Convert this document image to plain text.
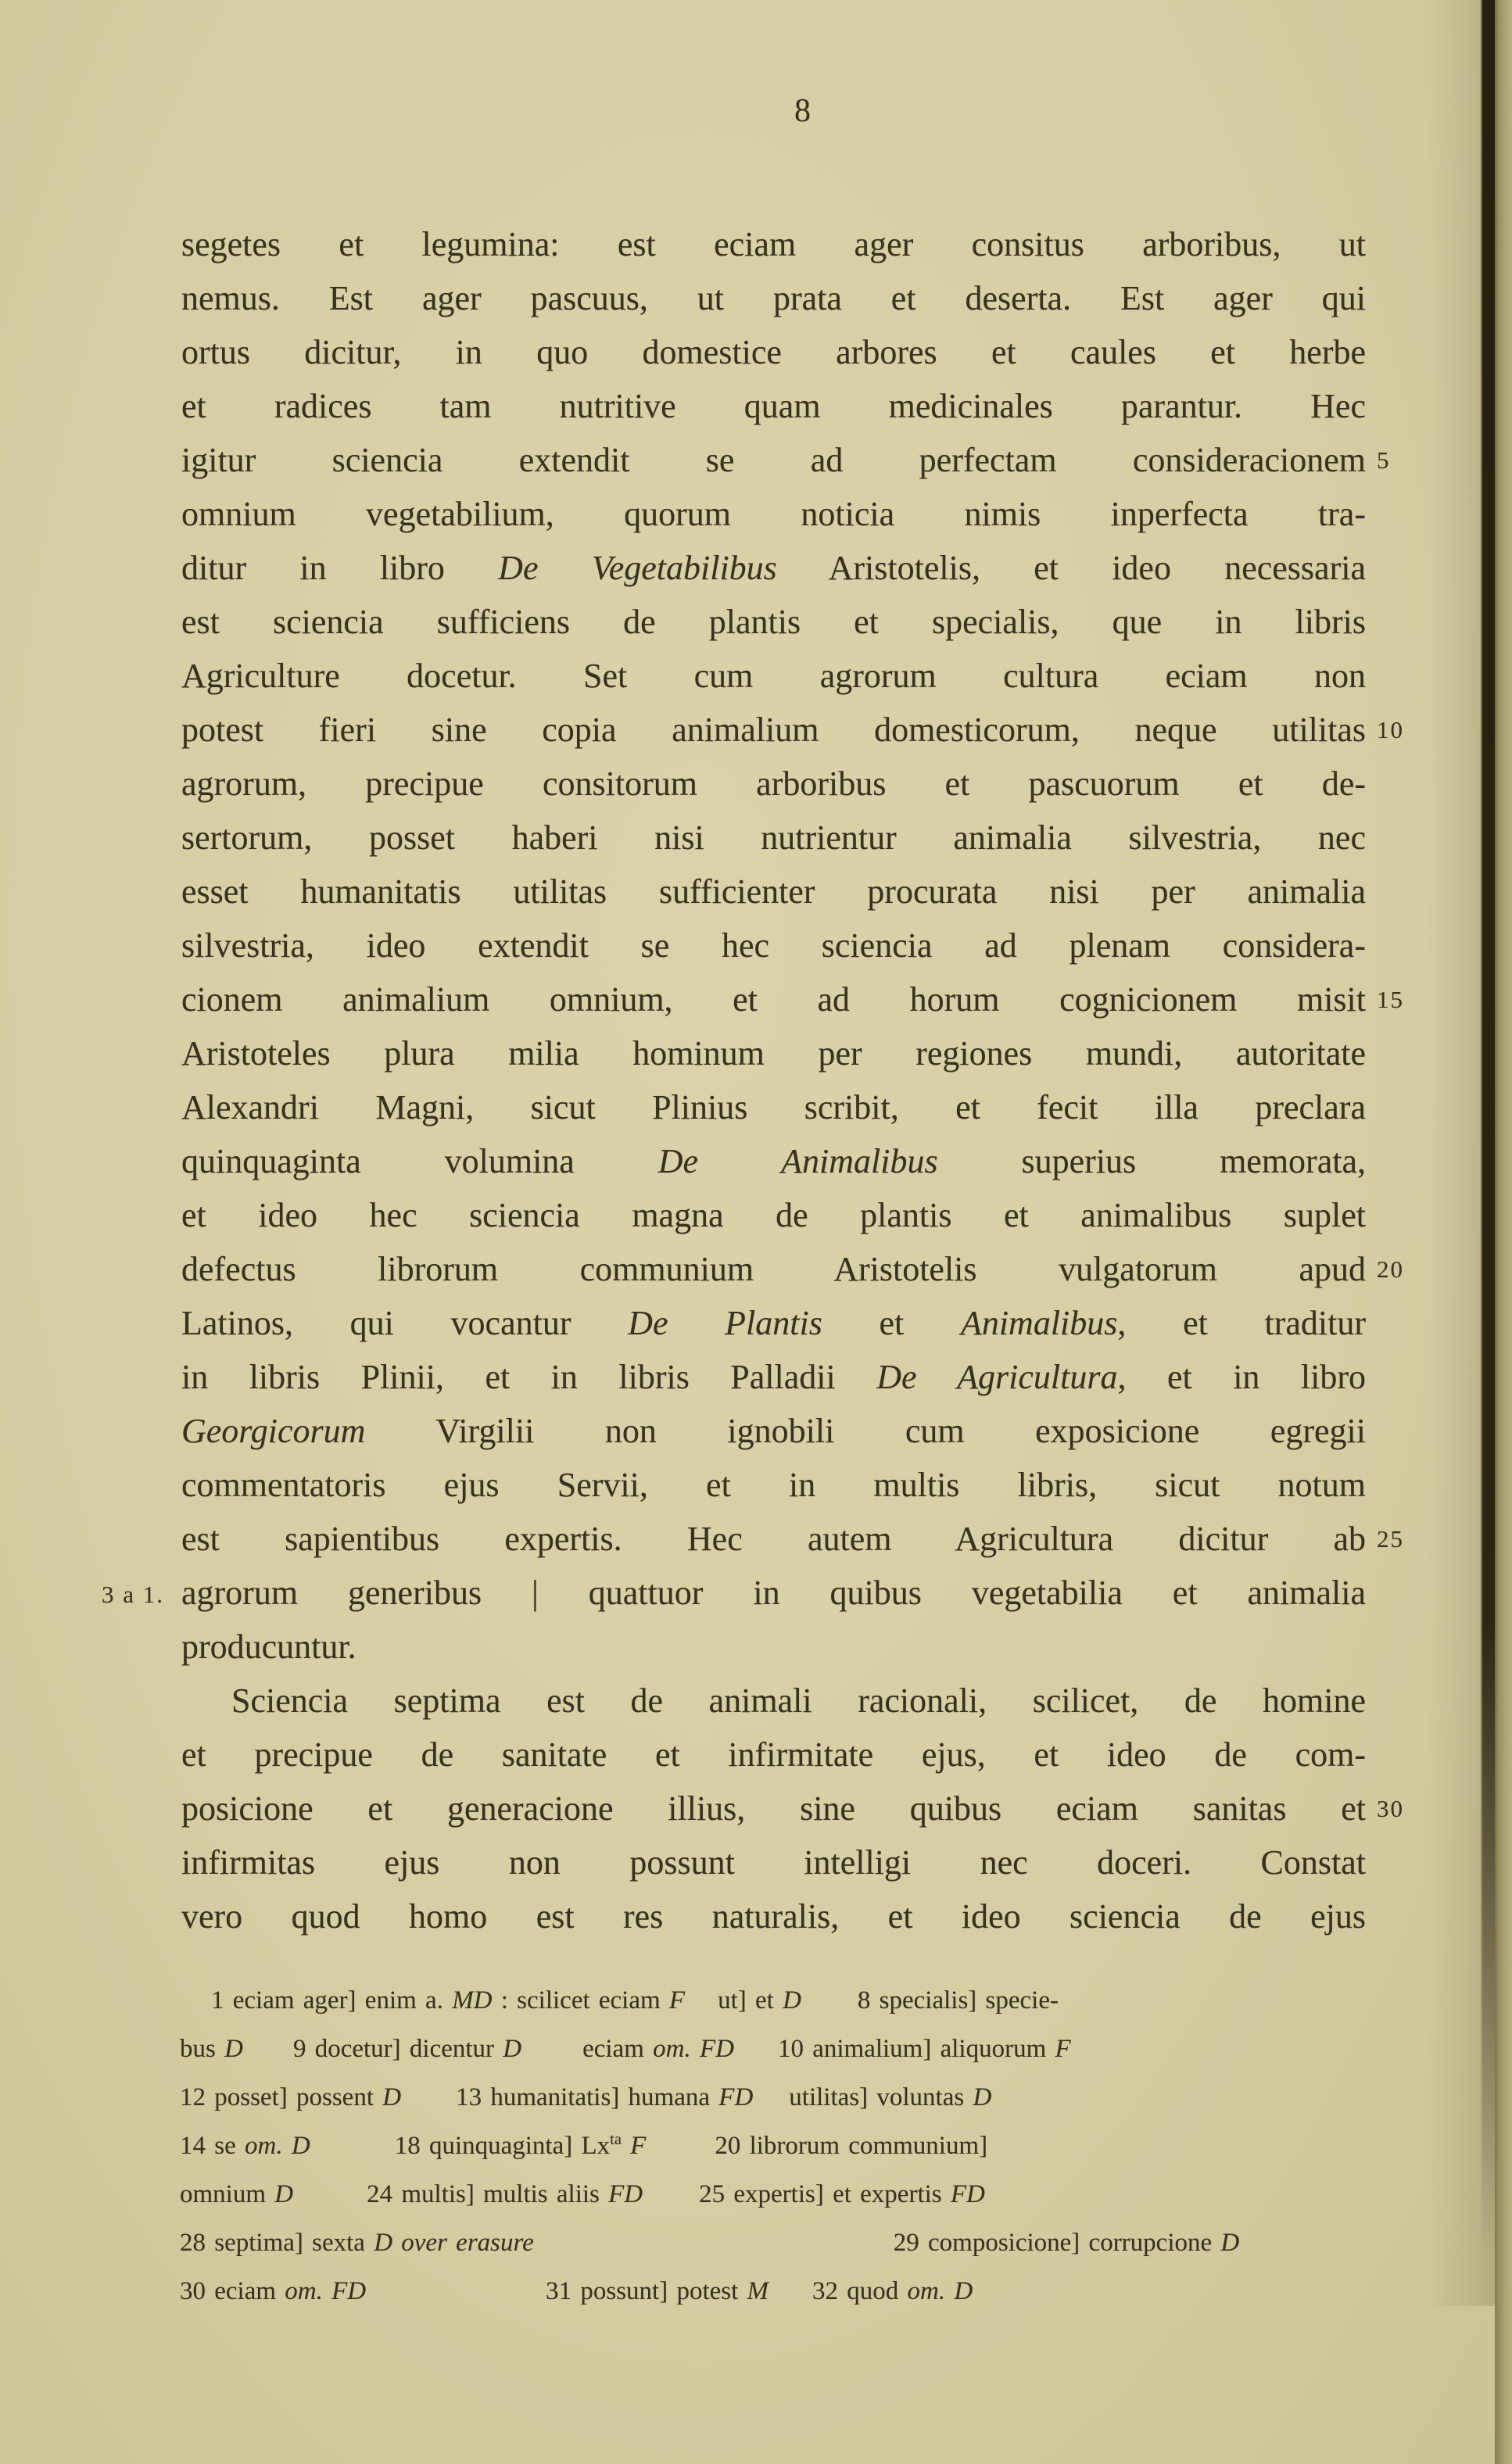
8
segetes et legumina: est eciam ager consitus arboribus, ut
nemus. Est ager pascuus, ut prata et deserta. Est ager qui
ortus dicitur, in quo domestice arbores et caules et herbe
et radices tam nutritive quam medicinales parantur. Hec
igitur sciencia extendit se ad perfectam consideracionem 5
omnium vegetabilium, quorum noticia nimis inperfecta tra-
ditur in libro De Vegetabilibus Aristotelis, et ideo necessaria
est sciencia sufficiens de plantis et specialis, que in libris
Agriculture docetur. Set cum agrorum cultura eciam non
potest fieri sine copia animalium domesticorum, neque utilitas 10
agrorum, precipue consitorum arboribus et pascuorum et de-
sertorum, posset haberi nisi nutrientur animalia silvestria, nec
esset humanitatis utilitas sufficienter procurata nisi per animalia
silvestria, ideo extendit se hec sciencia ad plenam considera-
cionem animalium omnium, et ad horum cognicionem misit 15
Aristoteles plura milia hominum per regiones mundi, autoritate
Alexandri Magni, sicut Plinius scribit, et fecit illa preclara
quinquaginta volumina De Animalibus superius memorata,
et ideo hec sciencia magna de plantis et animalibus suplet
defectus librorum communium Aristotelis vulgatorum apud 20
Latinos, qui vocantur De Plantis et Animalibus, et traditur
in libris Plinii, et in libris Palladii De Agricultura, et in libro
Georgicorum Virgilii non ignobili cum exposicione egregii
commentatoris ejus Servii, et in multis libris, sicut notum
est sapientibus expertis. Hec autem Agricultura dicitur ab 25
agrorum generibus | quattuor in quibus vegetabilia et animalia
3 a 1.
producuntur.
Sciencia septima est de animali racionali, scilicet, de homine
et precipue de sanitate et infirmitate ejus, et ideo de com-
posicione et generacione illius, sine quibus eciam sanitas et 30
infirmitas ejus non possunt intelligi nec doceri. Constat
vero quod homo est res naturalis, et ideo sciencia de ejus
1 eciam ager] enim a. MD : scilicet eciam F ut] et D 8 specialis] specie-
bus D 9 docetur] dicentur D eciam om. FD 10 animalium] aliquorum F
12 posset] possent D 13 humanitatis] humana FD utilitas] voluntas D
14 se om. D	18 quinquaginta] $Lx^{ta}$ F	20 librorum communium]
omnium D	24 multis] multis aliis FD 25 expertis] et expertis FD
28 septima] sexta D over erasure	29 composicione] corrupcione D
30 eciam om. FD	31 possunt] potest M 32 quod om. D
